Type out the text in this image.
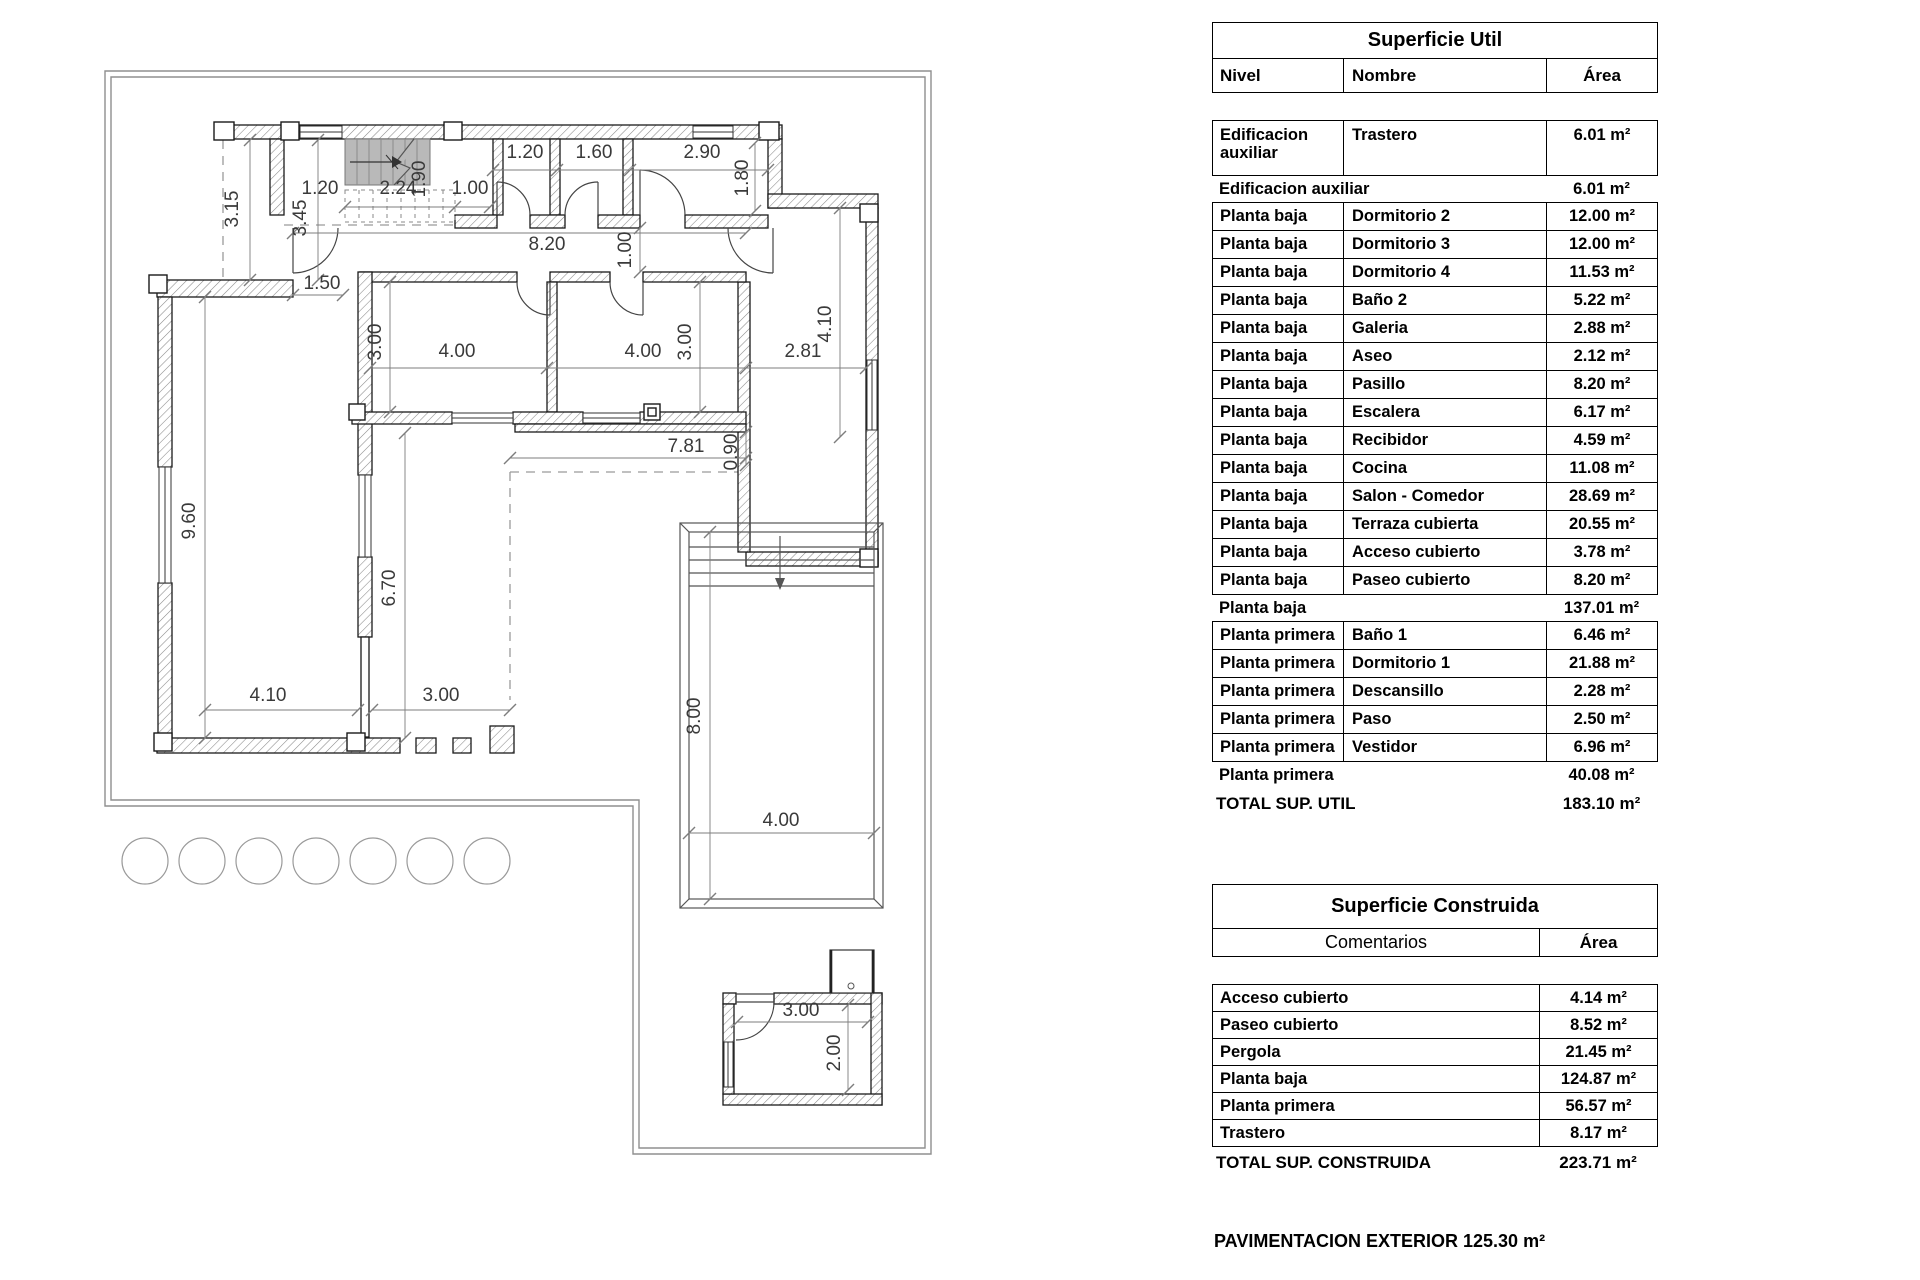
3.15
1.20 2.24
1.90 1.00
3.45
1.20 1.60	2.90
1.80
8.20	1.00
1.50
3.00	4.00	3.00
4.00	2.81
4.10
9.60
6.70
4.10	3.00
7.81 0.90
8.00
4.00
3.00
2.00
Superficie Util
Nivel	Nombre	Área
Edificacion auxiliar
Trastero	6.01 m²
Edificacion auxiliar	6.01 m²
Planta baja	Dormitorio 2	12.00 m²
Planta baja	Dormitorio 3	12.00 m²
Planta baja	Dormitorio 4	11.53 m²
Planta baja	Baño 2	5.22 m²
Planta baja	Galeria	2.88 m²
Planta baja	Aseo	2.12 m²
Planta baja	Pasillo	8.20 m²
Planta baja	Escalera	6.17 m²
Planta baja	Recibidor	4.59 m²
Planta baja	Cocina	11.08 m²
Planta baja	Salon - Comedor	28.69 m²
Planta baja	Terraza cubierta	20.55 m²
Planta baja	Acceso cubierto	3.78 m²
Planta baja	Paseo cubierto	8.20 m²
Planta baja	137.01 m²
Planta primera	Baño 1	6.46 m²
Planta primera	Dormitorio 1	21.88 m²
Planta primera	Descansillo	2.28 m²
Planta primera	Paso	2.50 m²
Planta primera	Vestidor	6.96 m²
Planta primera	40.08 m²
TOTAL SUP. UTIL	183.10 m²
Superficie Construida
Comentarios	Área
Acceso cubierto	4.14 m²
Paseo cubierto	8.52 m²
Pergola	21.45 m²
Planta baja	124.87 m²
Planta primera	56.57 m²
Trastero	8.17 m²
TOTAL SUP. CONSTRUIDA	223.71 m²
PAVIMENTACION EXTERIOR 125.30 m²
